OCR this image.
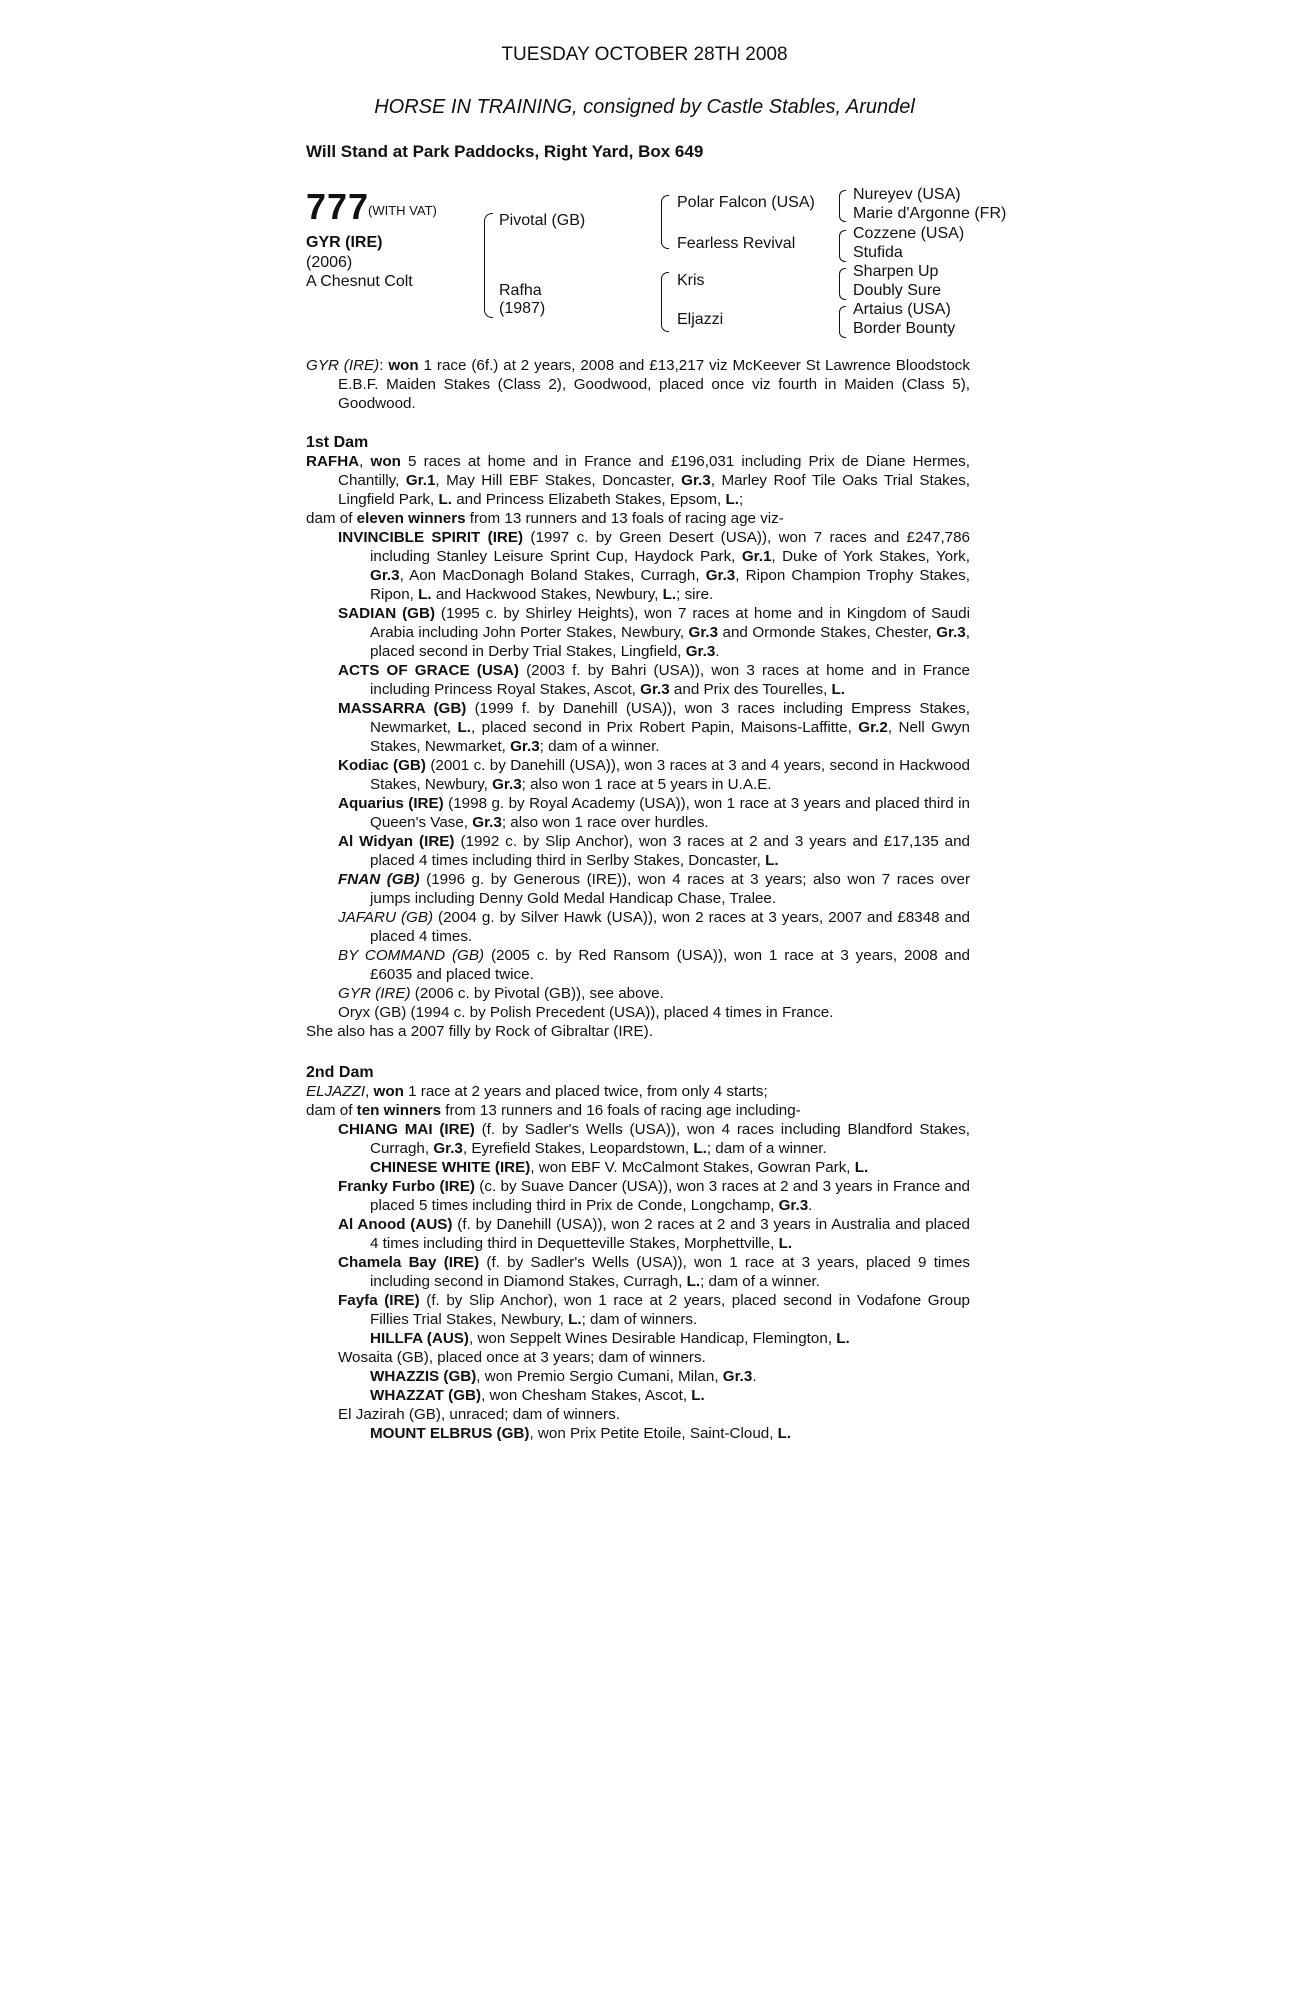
TUESDAY OCTOBER 28TH 2008
HORSE IN TRAINING, consigned by Castle Stables, Arundel
Will Stand at Park Paddocks, Right Yard, Box 649
777
(WITH VAT)
GYR (IRE)
(2006)
A Chesnut Colt
Pivotal (GB)
Rafha
(1987)
Polar Falcon (USA)
Fearless Revival
Kris
Eljazzi
Nureyev (USA)
Marie d'Argonne (FR)
Cozzene (USA)
Stufida
Sharpen Up
Doubly Sure
Artaius (USA)
Border Bounty

GYR (IRE): won 1 race (6f.) at 2 years, 2008 and £13,217 viz McKeever St Lawrence Bloodstock E.B.F. Maiden Stakes (Class 2), Goodwood, placed once viz fourth in Maiden (Class 5), Goodwood.

1st Dam

RAFHA, won 5 races at home and in France and £196,031 including Prix de Diane Hermes, Chantilly, Gr.1, May Hill EBF Stakes, Doncaster, Gr.3, Marley Roof Tile Oaks Trial Stakes, Lingfield Park, L. and Princess Elizabeth Stakes, Epsom, L.;

dam of eleven winners from 13 runners and 13 foals of racing age viz-

INVINCIBLE SPIRIT (IRE) (1997 c. by Green Desert (USA)), won 7 races and £247,786 including Stanley Leisure Sprint Cup, Haydock Park, Gr.1, Duke of York Stakes, York, Gr.3, Aon MacDonagh Boland Stakes, Curragh, Gr.3, Ripon Champion Trophy Stakes, Ripon, L. and Hackwood Stakes, Newbury, L.; sire.

SADIAN (GB) (1995 c. by Shirley Heights), won 7 races at home and in Kingdom of Saudi Arabia including John Porter Stakes, Newbury, Gr.3 and Ormonde Stakes, Chester, Gr.3, placed second in Derby Trial Stakes, Lingfield, Gr.3.

ACTS OF GRACE (USA) (2003 f. by Bahri (USA)), won 3 races at home and in France including Princess Royal Stakes, Ascot, Gr.3 and Prix des Tourelles, L.

MASSARRA (GB) (1999 f. by Danehill (USA)), won 3 races including Empress Stakes, Newmarket, L., placed second in Prix Robert Papin, Maisons-Laffitte, Gr.2, Nell Gwyn Stakes, Newmarket, Gr.3; dam of a winner.

Kodiac (GB) (2001 c. by Danehill (USA)), won 3 races at 3 and 4 years, second in Hackwood Stakes, Newbury, Gr.3; also won 1 race at 5 years in U.A.E.

Aquarius (IRE) (1998 g. by Royal Academy (USA)), won 1 race at 3 years and placed third in Queen's Vase, Gr.3; also won 1 race over hurdles.

Al Widyan (IRE) (1992 c. by Slip Anchor), won 3 races at 2 and 3 years and £17,135 and placed 4 times including third in Serlby Stakes, Doncaster, L.

FNAN (GB) (1996 g. by Generous (IRE)), won 4 races at 3 years; also won 7 races over jumps including Denny Gold Medal Handicap Chase, Tralee.

JAFARU (GB) (2004 g. by Silver Hawk (USA)), won 2 races at 3 years, 2007 and £8348 and placed 4 times.

BY COMMAND (GB) (2005 c. by Red Ransom (USA)), won 1 race at 3 years, 2008 and £6035 and placed twice.

GYR (IRE) (2006 c. by Pivotal (GB)), see above.

Oryx (GB) (1994 c. by Polish Precedent (USA)), placed 4 times in France.

She also has a 2007 filly by Rock of Gibraltar (IRE).

2nd Dam

ELJAZZI, won 1 race at 2 years and placed twice, from only 4 starts;

dam of ten winners from 13 runners and 16 foals of racing age including-

CHIANG MAI (IRE) (f. by Sadler's Wells (USA)), won 4 races including Blandford Stakes, Curragh, Gr.3, Eyrefield Stakes, Leopardstown, L.; dam of a winner.

CHINESE WHITE (IRE), won EBF V. McCalmont Stakes, Gowran Park, L.

Franky Furbo (IRE) (c. by Suave Dancer (USA)), won 3 races at 2 and 3 years in France and placed 5 times including third in Prix de Conde, Longchamp, Gr.3.

Al Anood (AUS) (f. by Danehill (USA)), won 2 races at 2 and 3 years in Australia and placed 4 times including third in Dequetteville Stakes, Morphettville, L.

Chamela Bay (IRE) (f. by Sadler's Wells (USA)), won 1 race at 3 years, placed 9 times including second in Diamond Stakes, Curragh, L.; dam of a winner.

Fayfa (IRE) (f. by Slip Anchor), won 1 race at 2 years, placed second in Vodafone Group Fillies Trial Stakes, Newbury, L.; dam of winners.

HILLFA (AUS), won Seppelt Wines Desirable Handicap, Flemington, L.

Wosaita (GB), placed once at 3 years; dam of winners.

WHAZZIS (GB), won Premio Sergio Cumani, Milan, Gr.3.

WHAZZAT (GB), won Chesham Stakes, Ascot, L.

El Jazirah (GB), unraced; dam of winners.

MOUNT ELBRUS (GB), won Prix Petite Etoile, Saint-Cloud, L.
